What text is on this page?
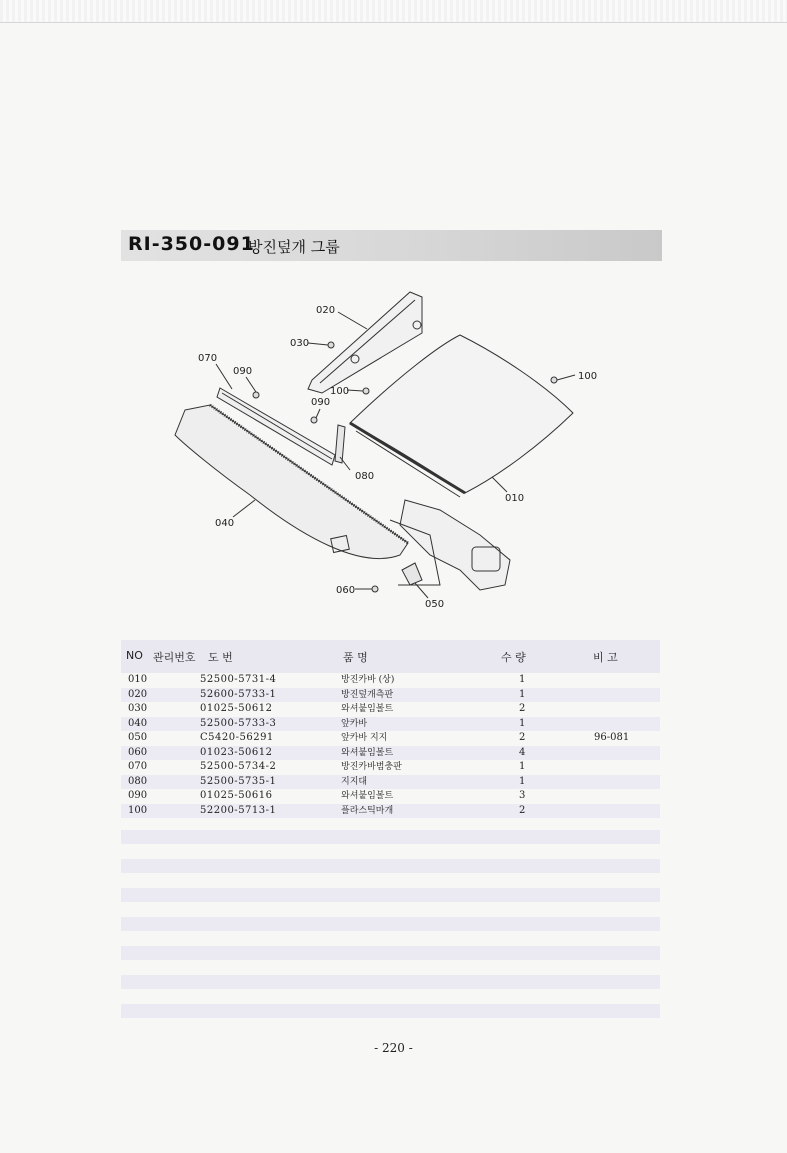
RI-350-091
방진덮개 그룹
020
030
070
090
100
090
100
080
010
040
060
050
NO 관리번호 도 번	품 명	수 량	비 고
010	52500-5731-4	방진카바 (상)	1
020	52600-5733-1	방진덮개측판	1
030	01025-50612	와셔붙임볼트	2
040	52500-5733-3	앞카바	1
050	C5420-56291	앞카바 지지	2	96-081
060	01023-50612	와셔붙임볼트	4
070	52500-5734-2	방진카바범충판	1
080	52500-5735-1	지지대	1
090	01025-50616	와셔붙임볼트	3
100	52200-5713-1	플라스틱마개	2
- 220 -
